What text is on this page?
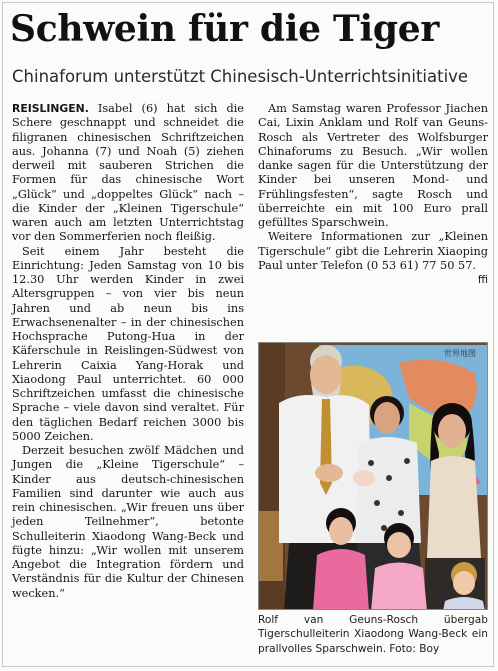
Schwein für die Tiger
Chinaforum unterstützt Chinesisch-Unterrichtsinitiative

REISLINGEN. Isabel (6) hat sich die Schere geschnappt und schneidet die filigranen chinesischen Schriftzeichen aus. Johanna (7) und Noah (5) ziehen derweil mit sauberen Strichen die Formen für das chinesische Wort „Glück“ und „doppeltes Glück“ nach – die Kinder der „Kleinen Tigerschule“ waren auch am letzten Unterrichtstag vor den Sommerferien noch fleißig.

Seit einem Jahr besteht die Einrichtung: Jeden Samstag von 10 bis 12.30 Uhr werden Kinder in zwei Altersgruppen – von vier bis neun Jahren und ab neun bis ins Erwachsenenalter – in der chinesischen Hochsprache Putong-Hua in der Käferschule in Reislingen-Südwest von Lehrerin Caixia Yang-Horak und Xiaodong Paul unterrichtet. 60 000 Schriftzeichen umfasst die chinesische Sprache – viele davon sind veraltet. Für den täglichen Bedarf reichen 3000 bis 5000 Zeichen.

Derzeit besuchen zwölf Mädchen und Jungen die „Kleine Tigerschule“ – Kinder aus deutsch-chinesischen Familien sind darunter wie auch aus rein chinesischen. „Wir freuen uns über jeden Teilnehmer“, betonte Schulleiterin Xiaodong Wang-Beck und fügte hinzu: „Wir wollen mit unserem Angebot die Integration fördern und Verständnis für die Kultur der Chinesen wecken.“

Am Samstag waren Professor Jiachen Cai, Lixin Anklam und Rolf van Geuns-Rosch als Vertreter des Wolfsburger Chinaforums zu Besuch. „Wir wollen danke sagen für die Unterstützung der Kinder bei unseren Mond- und Frühlingsfesten“, sagte Rosch und überreichte ein mit 100 Euro prall gefülltes Sparschwein.

Weitere Informationen zur „Kleinen Tigerschule“ gibt die Lehrerin Xiaoping Paul unter Telefon (0 53 61) 77 50 57.
ffi

世界地图
Rolf van Geuns-Rosch übergab Tigerschulleiterin Xiaodong Wang-Beck ein prallvolles Sparschwein. Foto: Boy
